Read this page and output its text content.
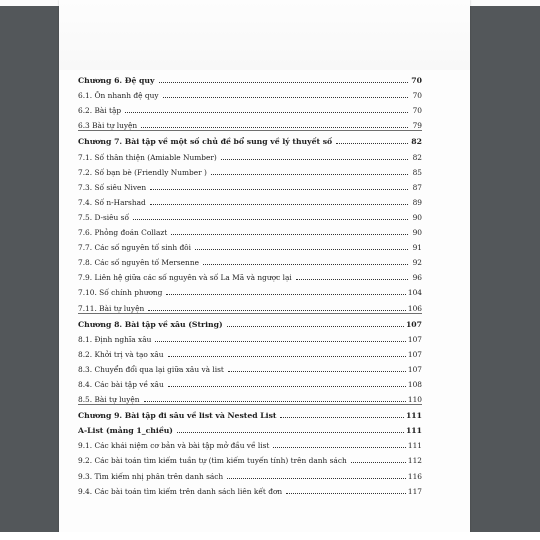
Chương 6. Đệ quy	70
6.1. Ôn nhanh đệ quy	70
6.2. Bài tập	70
6.3 Bài tự luyện	79
Chương 7. Bài tập về một số chủ đề bổ sung về lý thuyết số	82
7.1. Số thân thiện (Amiable Number)	82
7.2. Số bạn bè (Friendly Number )	85
7.3. Số siêu Niven	87
7.4. Số n-Harshad	89
7.5. D-siêu số	90
7.6. Phỏng đoán Collazt	90
7.7. Các số nguyên tố sinh đôi	91
7.8. Các số nguyên tố Mersenne	92
7.9. Liên hệ giữa các số nguyên và số La Mã và ngược lại	96
7.10. Số chính phương	104
7.11. Bài tự luyện	106
Chương 8. Bài tập về xâu (String)	107
8.1. Định nghĩa xâu	107
8.2. Khởi trị và tạo xâu	107
8.3. Chuyển đổi qua lại giữa xâu và list	107
8.4. Các bài tập về xâu	108
8.5. Bài tự luyện	110
Chương 9. Bài tập đi sâu về list và Nested List	111
A-List (mảng 1_chiều)	111
9.1. Các khái niệm cơ bản và bài tập mở đầu về list	111
9.2. Các bài toán tìm kiếm tuần tự (tìm kiếm tuyến tính) trên danh sách	112
9.3. Tìm kiếm nhị phân trên danh sách	116
9.4. Các bài toán tìm kiếm trên danh sách liên kết đơn	117
